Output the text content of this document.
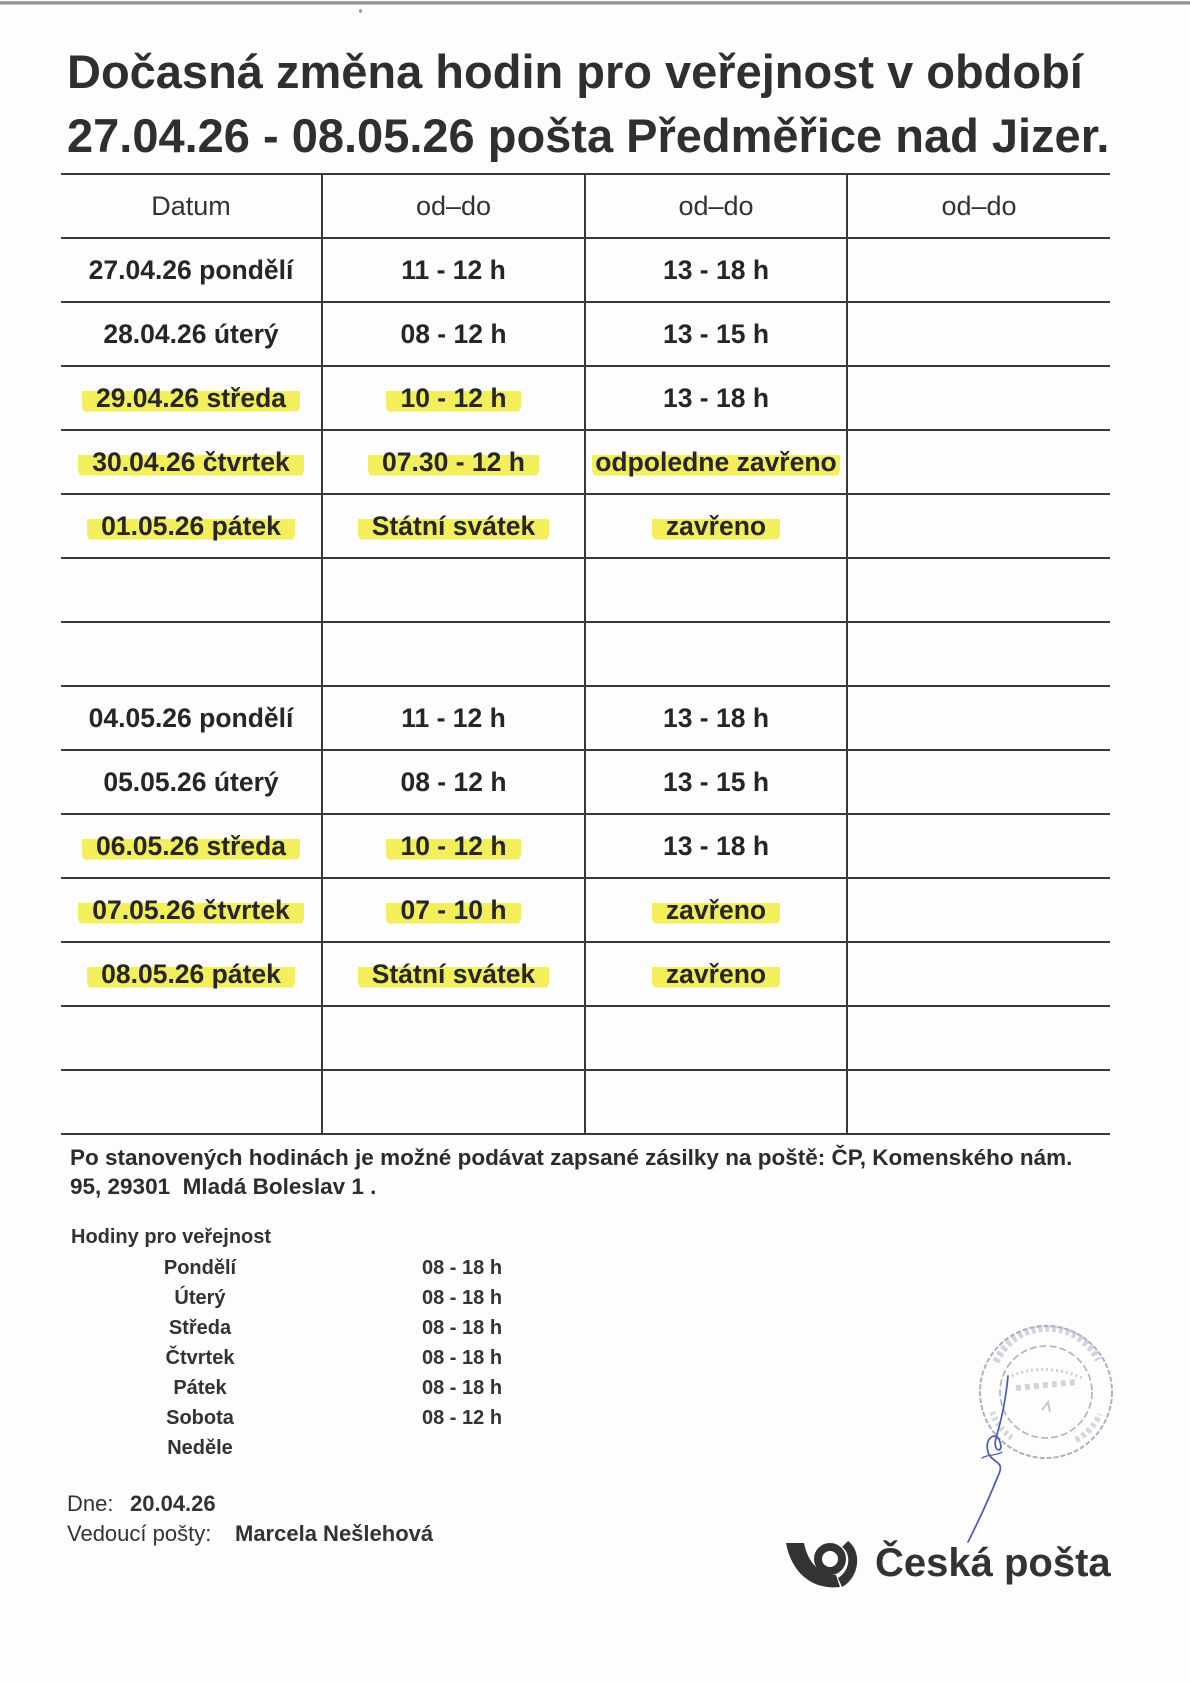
Dočasná změna hodin pro veřejnost v období
27.04.26 - 08.05.26 pošta Předměřice nad Jizer.
Datum	od–do	od–do	od–do
27.04.26 pondělí	11 - 12 h	13 - 18 h	
28.04.26 úterý	08 - 12 h	13 - 15 h	
29.04.26 středa	10 - 12 h	13 - 18 h	
30.04.26 čtvrtek	07.30 - 12 h	odpoledne zavřeno	
01.05.26 pátek	Státní svátek	zavřeno	

04.05.26 pondělí	11 - 12 h	13 - 18 h	
05.05.26 úterý	08 - 12 h	13 - 15 h	
06.05.26 středa	10 - 12 h	13 - 18 h	
07.05.26 čtvrtek	07 - 10 h	zavřeno	
08.05.26 pátek	Státní svátek	zavřeno	

Po stanovených hodinách je možné podávat zapsané zásilky na poště: ČP, Komenského nám.
95, 29301  Mladá Boleslav 1 .

Hodiny pro veřejnost
Pondělí	08 - 18 h
Úterý	08 - 18 h
Středa	08 - 18 h
Čtvrtek	08 - 18 h
Pátek	08 - 18 h
Sobota	08 - 12 h
Neděle
Dne: 20.04.26
Vedoucí pošty: Marcela Nešlehová
Česká pošta
